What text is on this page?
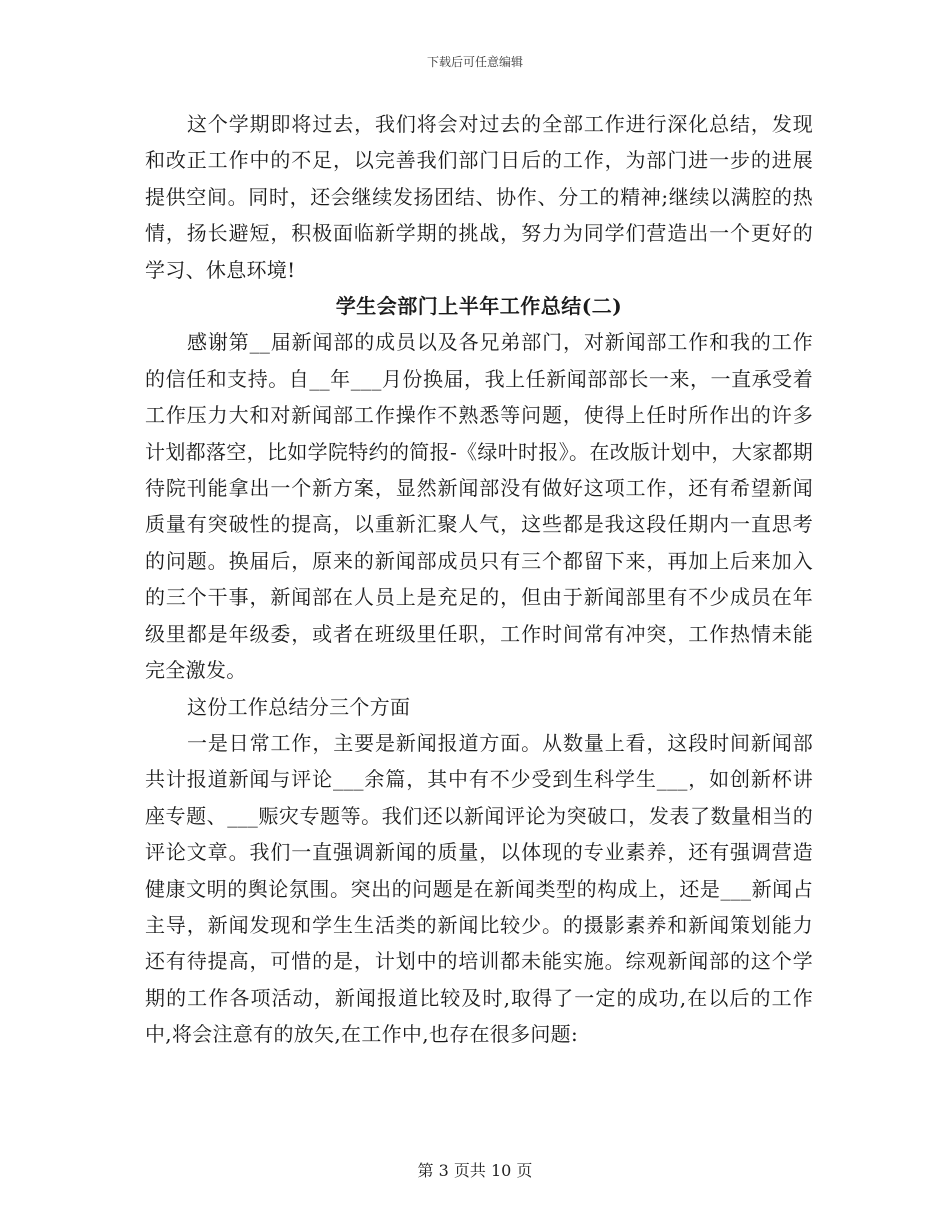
下载后可任意编辑

这个学期即将过去，我们将会对过去的全部工作进行深化总结，发现和改正工作中的不足，以完善我们部门日后的工作，为部门进一步的进展提供空间。同时，还会继续发扬团结、协作、分工的精神;继续以满腔的热情，扬长避短，积极面临新学期的挑战，努力为同学们营造出一个更好的学习、休息环境!

学生会部门上半年工作总结(二)

感谢第__届新闻部的成员以及各兄弟部门，对新闻部工作和我的工作的信任和支持。自__年___月份换届，我上任新闻部部长一来，一直承受着工作压力大和对新闻部工作操作不熟悉等问题，使得上任时所作出的许多计划都落空，比如学院特约的简报-《绿叶时报》。在改版计划中，大家都期待院刊能拿出一个新方案，显然新闻部没有做好这项工作，还有希望新闻质量有突破性的提高，以重新汇聚人气，这些都是我这段任期内一直思考的问题。换届后，原来的新闻部成员只有三个都留下来，再加上后来加入的三个干事，新闻部在人员上是充足的，但由于新闻部里有不少成员在年级里都是年级委，或者在班级里任职，工作时间常有冲突，工作热情未能完全激发。

这份工作总结分三个方面

一是日常工作，主要是新闻报道方面。从数量上看，这段时间新闻部共计报道新闻与评论___余篇，其中有不少受到生科学生___，如创新杯讲座专题、___赈灾专题等。我们还以新闻评论为突破口，发表了数量相当的评论文章。我们一直强调新闻的质量，以体现的专业素养，还有强调营造健康文明的舆论氛围。突出的问题是在新闻类型的构成上，还是___新闻占主导，新闻发现和学生生活类的新闻比较少。的摄影素养和新闻策划能力还有待提高，可惜的是，计划中的培训都未能实施。综观新闻部的这个学期的工作各项活动，新闻报道比较及时,取得了一定的成功,在以后的工作中,将会注意有的放矢,在工作中,也存在很多问题:

第 3 页共 10 页
